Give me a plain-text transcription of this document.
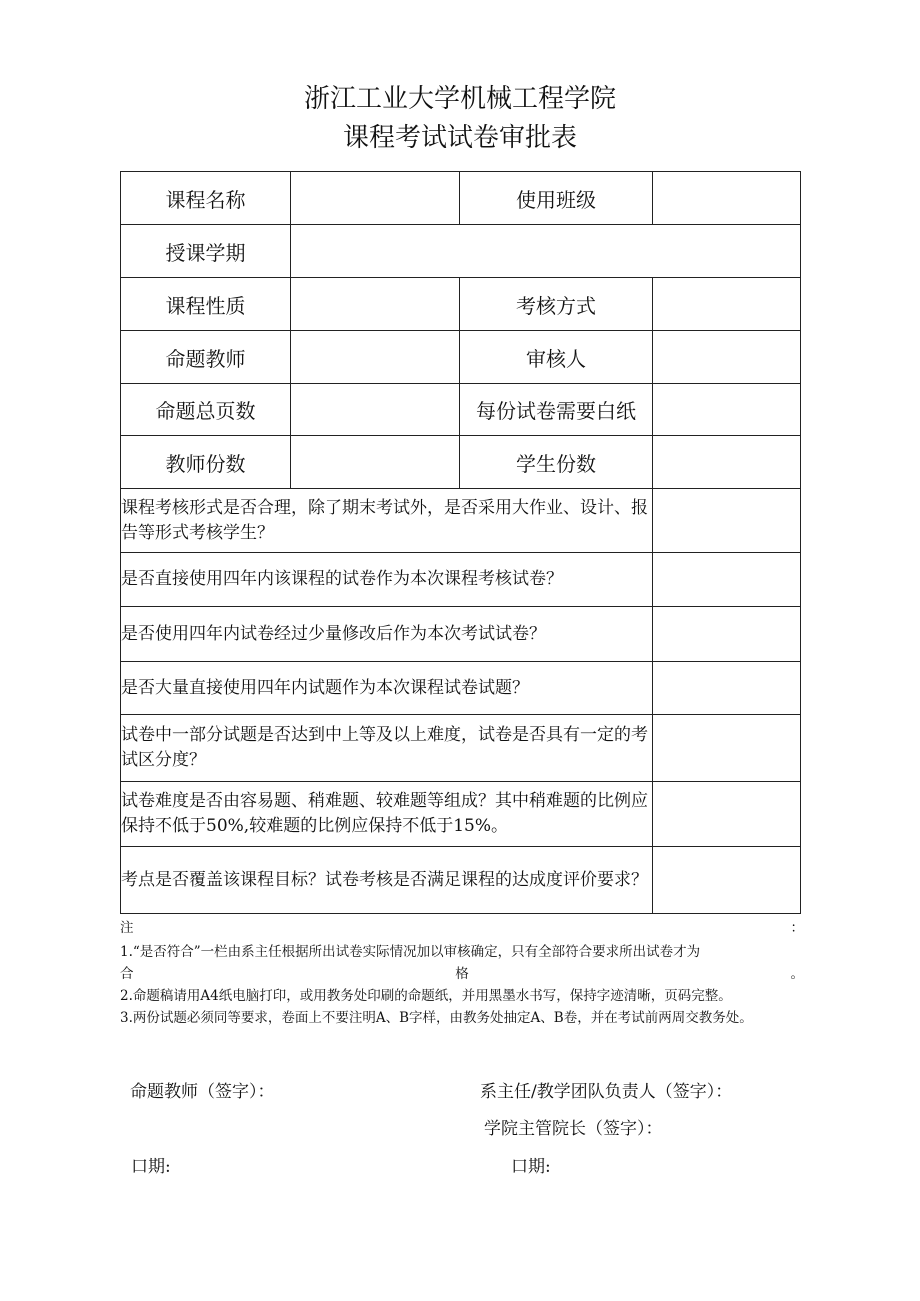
浙江工业大学机械工程学院
课程考试试卷审批表
课程名称		使用班级	
授课学期			
课程性质		考核方式	
命题教师		审核人	
命题总页数		每份试卷需要白纸	
教师份数		学生份数	
课程考核形式是否合理，除了期末考试外，是否采用大作业、设计、报告等形式考核学生？			
是否直接使用四年内该课程的试卷作为本次课程考核试卷？			
是否使用四年内试卷经过少量修改后作为本次考试试卷？			
是否大量直接使用四年内试题作为本次课程试卷试题？			
试卷中一部分试题是否达到中上等及以上难度，试卷是否具有一定的考试区分度？			
试卷难度是否由容易题、稍难题、较难题等组成？其中稍难题的比例应保持不低于50%,较难题的比例应保持不低于15%。			
考点是否覆盖该课程目标？试卷考核是否满足课程的达成度评价要求？			
注	：
1.“是否符合”一栏由系主任根据所出试卷实际情况加以审核确定，只有全部符合要求所出试卷才为
合格。
2.命题稿请用A4纸电脑打印，或用教务处印刷的命题纸，并用黑墨水书写，保持字迹清晰，页码完整。
3.两份试题必须同等要求，卷面上不要注明A、B字样，由教务处抽定A、B卷，并在考试前两周交教务处。
命题教师（签字）：	系主任/教学团队负责人（签字）：
学院主管院长（签字）：
口期:	口期:
